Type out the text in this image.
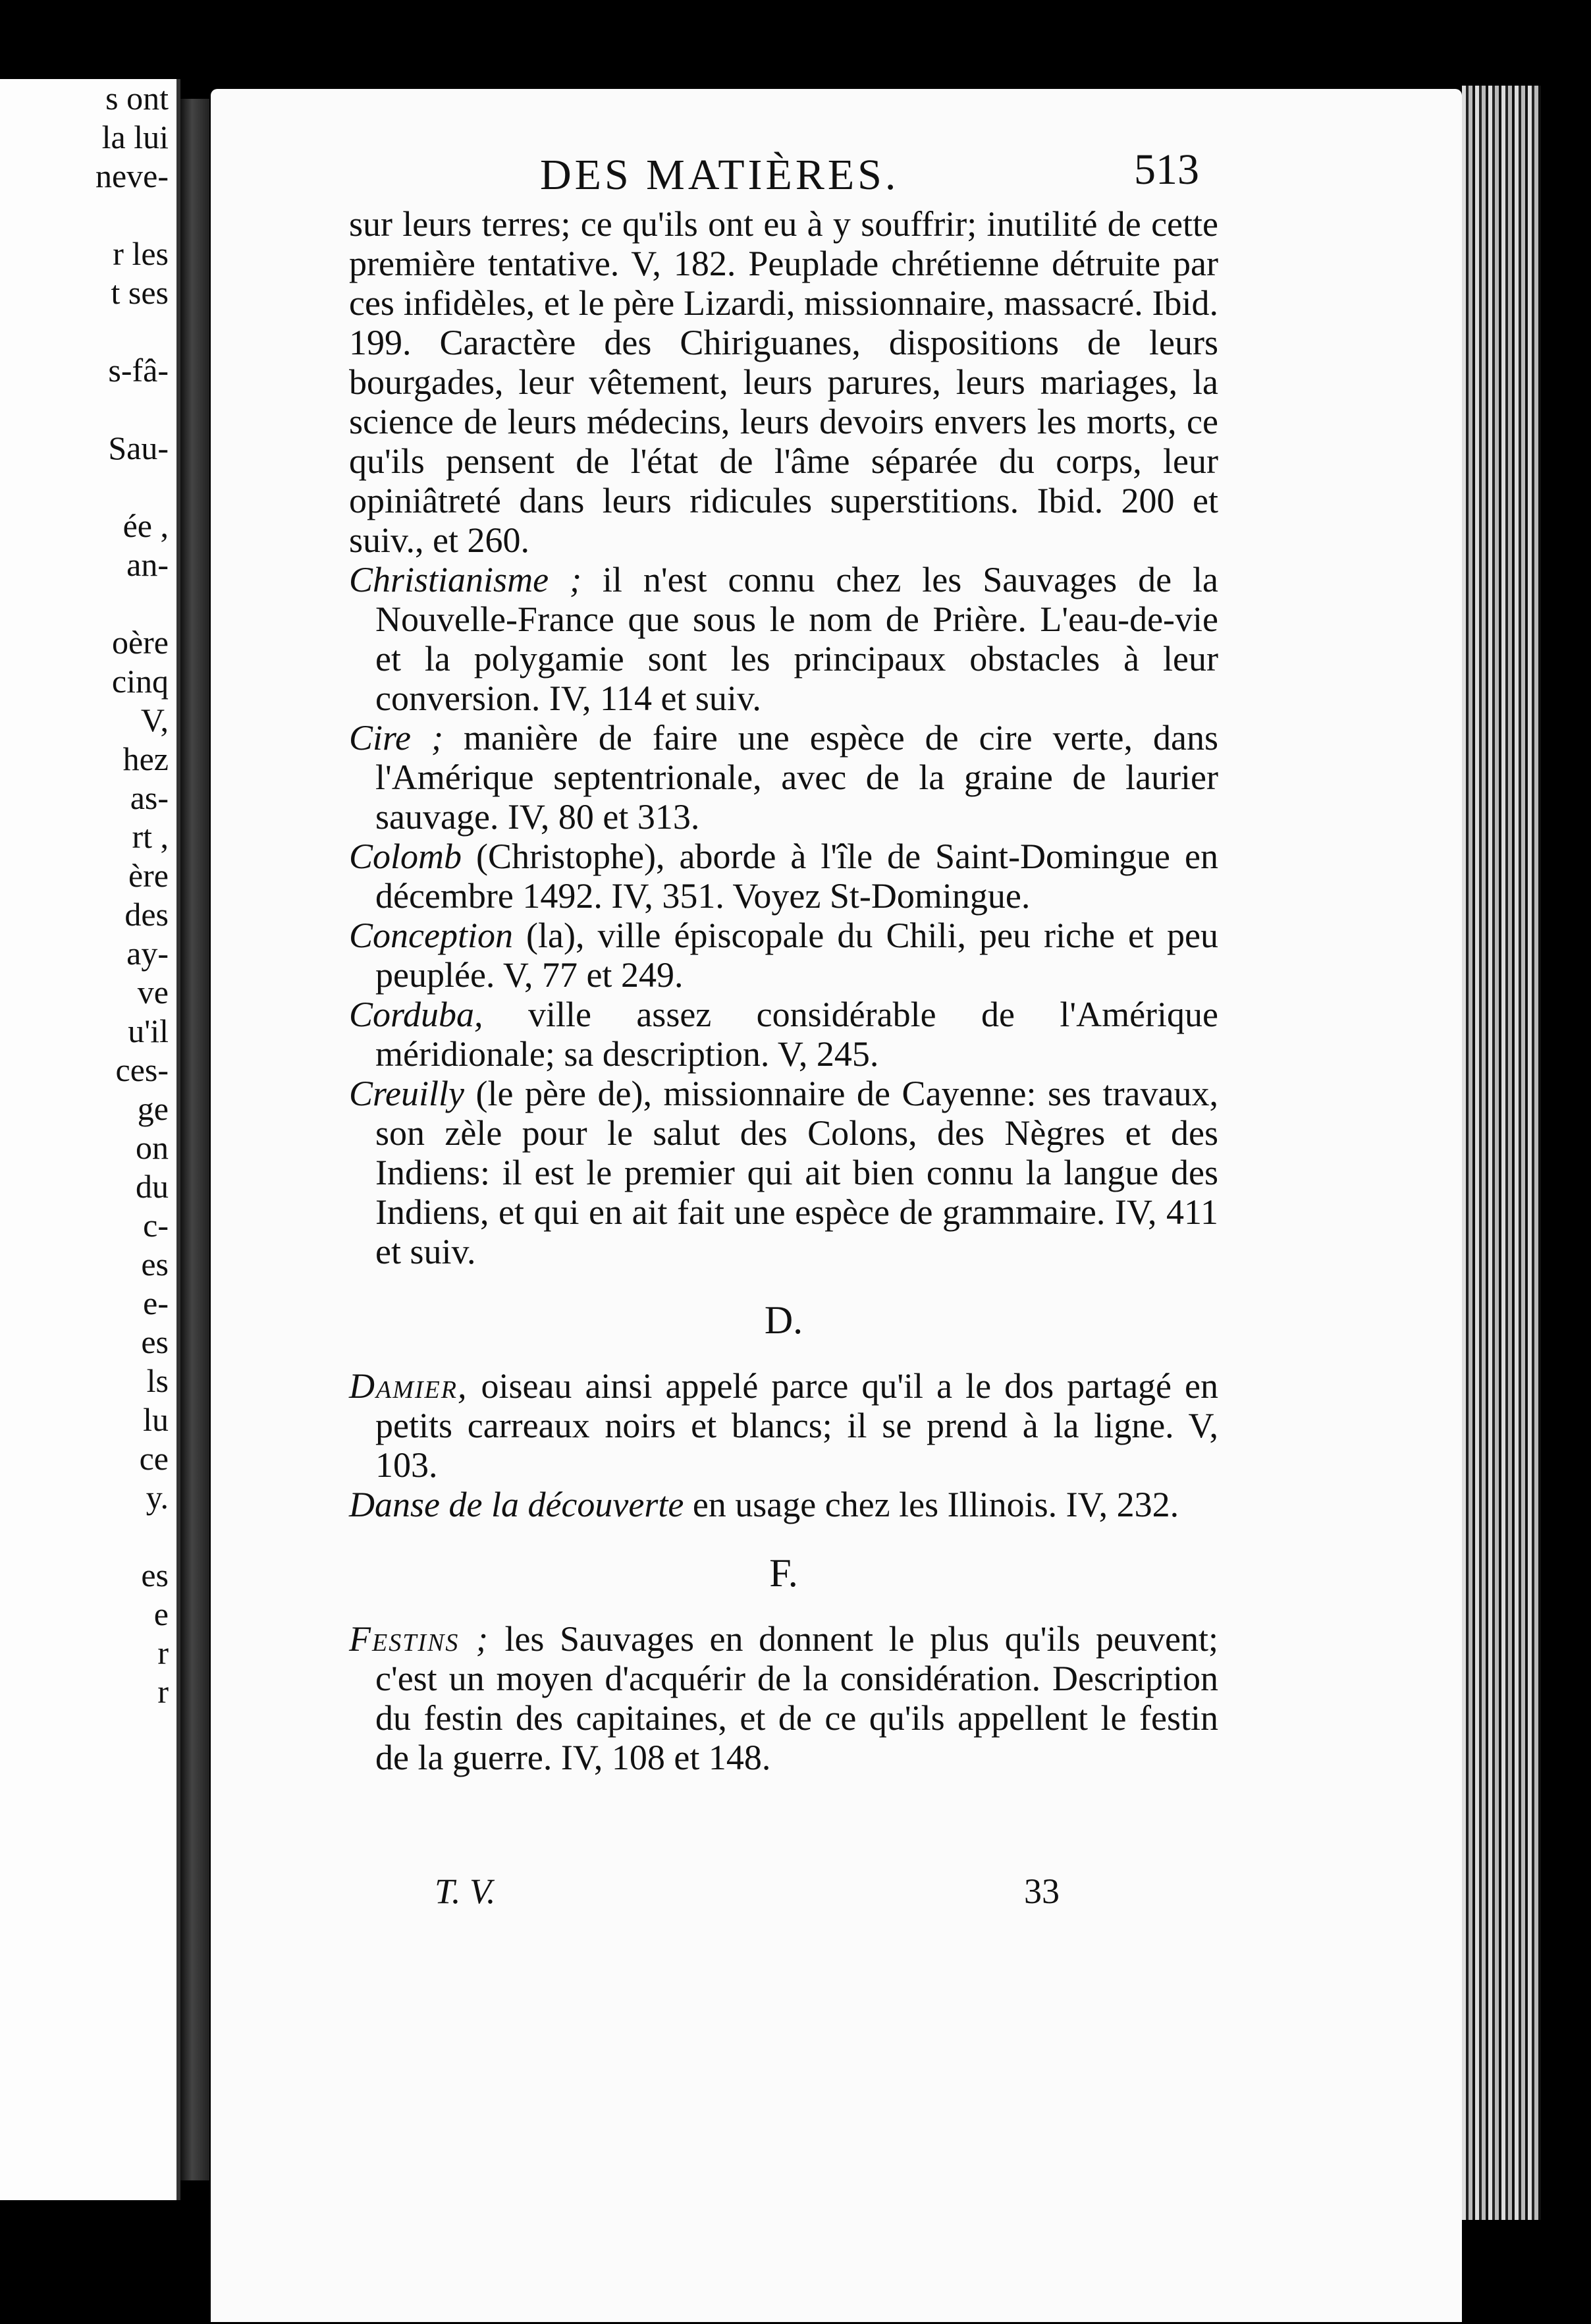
s ont
la lui
neve-

r les
t ses

s-fâ-

Sau-

ée ,
an-

oère
cinq
V,
hez
as-
rt ,
ère
des
ay-
ve
u'il
ces-
ge
on
du
c-
es
e-
es
ls
lu
ce
y.

es
e
r
r
DES MATIÈRES.	513

sur leurs terres; ce qu'ils ont eu à y souffrir; inutilité de cette première tentative. V, 182. Peuplade chrétienne détruite par ces infidèles, et le père Lizardi, missionnaire, massacré. Ibid. 199. Caractère des Chiriguanes, dispositions de leurs bourgades, leur vêtement, leurs parures, leurs mariages, la science de leurs médecins, leurs devoirs envers les morts, ce qu'ils pensent de l'état de l'âme séparée du corps, leur opiniâtreté dans leurs ridicules superstitions. Ibid. 200 et suiv., et 260.

Christianisme ; il n'est connu chez les Sauvages de la Nouvelle-France que sous le nom de Prière. L'eau-de-vie et la polygamie sont les principaux obstacles à leur conversion. IV, 114 et suiv.

Cire ; manière de faire une espèce de cire verte, dans l'Amérique septentrionale, avec de la graine de laurier sauvage. IV, 80 et 313.

Colomb (Christophe), aborde à l'île de Saint-Domingue en décembre 1492. IV, 351. Voyez St-Domingue.

Conception (la), ville épiscopale du Chili, peu riche et peu peuplée. V, 77 et 249.

Corduba, ville assez considérable de l'Amérique méridionale; sa description. V, 245.

Creuilly (le père de), missionnaire de Cayenne: ses travaux, son zèle pour le salut des Colons, des Nègres et des Indiens: il est le premier qui ait bien connu la langue des Indiens, et qui en ait fait une espèce de grammaire. IV, 411 et suiv.

D.

Damier, oiseau ainsi appelé parce qu'il a le dos partagé en petits carreaux noirs et blancs; il se prend à la ligne. V, 103.

Danse de la découverte en usage chez les Illinois. IV, 232.

F.

Festins ; les Sauvages en donnent le plus qu'ils peuvent; c'est un moyen d'acquérir de la considération. Description du festin des capitaines, et de ce qu'ils appellent le festin de la guerre. IV, 108 et 148.

T. V.	33
